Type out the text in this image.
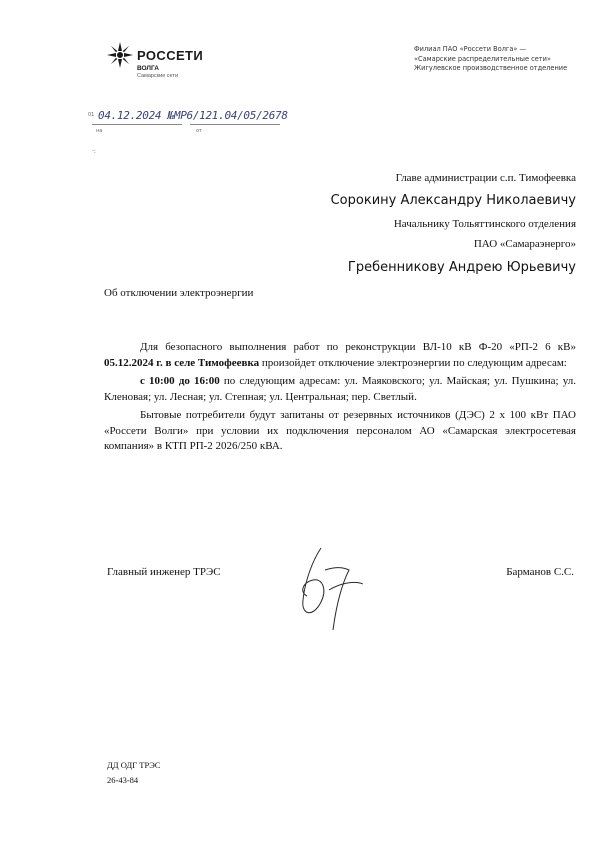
РОССЕТИ
ВОЛГА
Самарские сети
Филиал ПАО «Россети Волга» —
«Самарские распределительные сети»
Жигулевское производственное отделение
01 04.12.2024 №МР6/121.04/05/2678
на	от
·:
Главе администрации с.п. Тимофеевка
Сорокину Александру Николаевичу
Начальнику Тольяттинского отделения
ПАО «Самараэнерго»
Гребенникову Андрею Юрьевичу
Об отключении электроэнергии

Для безопасного выполнения работ по реконструкции ВЛ-10 кВ Ф-20 «РП-2 6 кВ» 05.12.2024 г. в селе Тимофеевка произойдет отключение электроэнергии по следующим адресам:

с 10:00 до 16:00 по следующим адресам: ул. Маяковского; ул. Майская; ул. Пушкина; ул. Кленовая; ул. Лесная; ул. Степная; ул. Центральная; пер. Светлый.

Бытовые потребители будут запитаны от резервных источников (ДЭС) 2 х 100 кВт ПАО «Россети Волги» при условии их подключения персоналом АО «Самарская электросетевая компания» в КТП РП-2 2026/250 кВА.

Главный инженер ТРЭС	Барманов С.С.
ДД ОДГ ТРЭС
26-43-84
